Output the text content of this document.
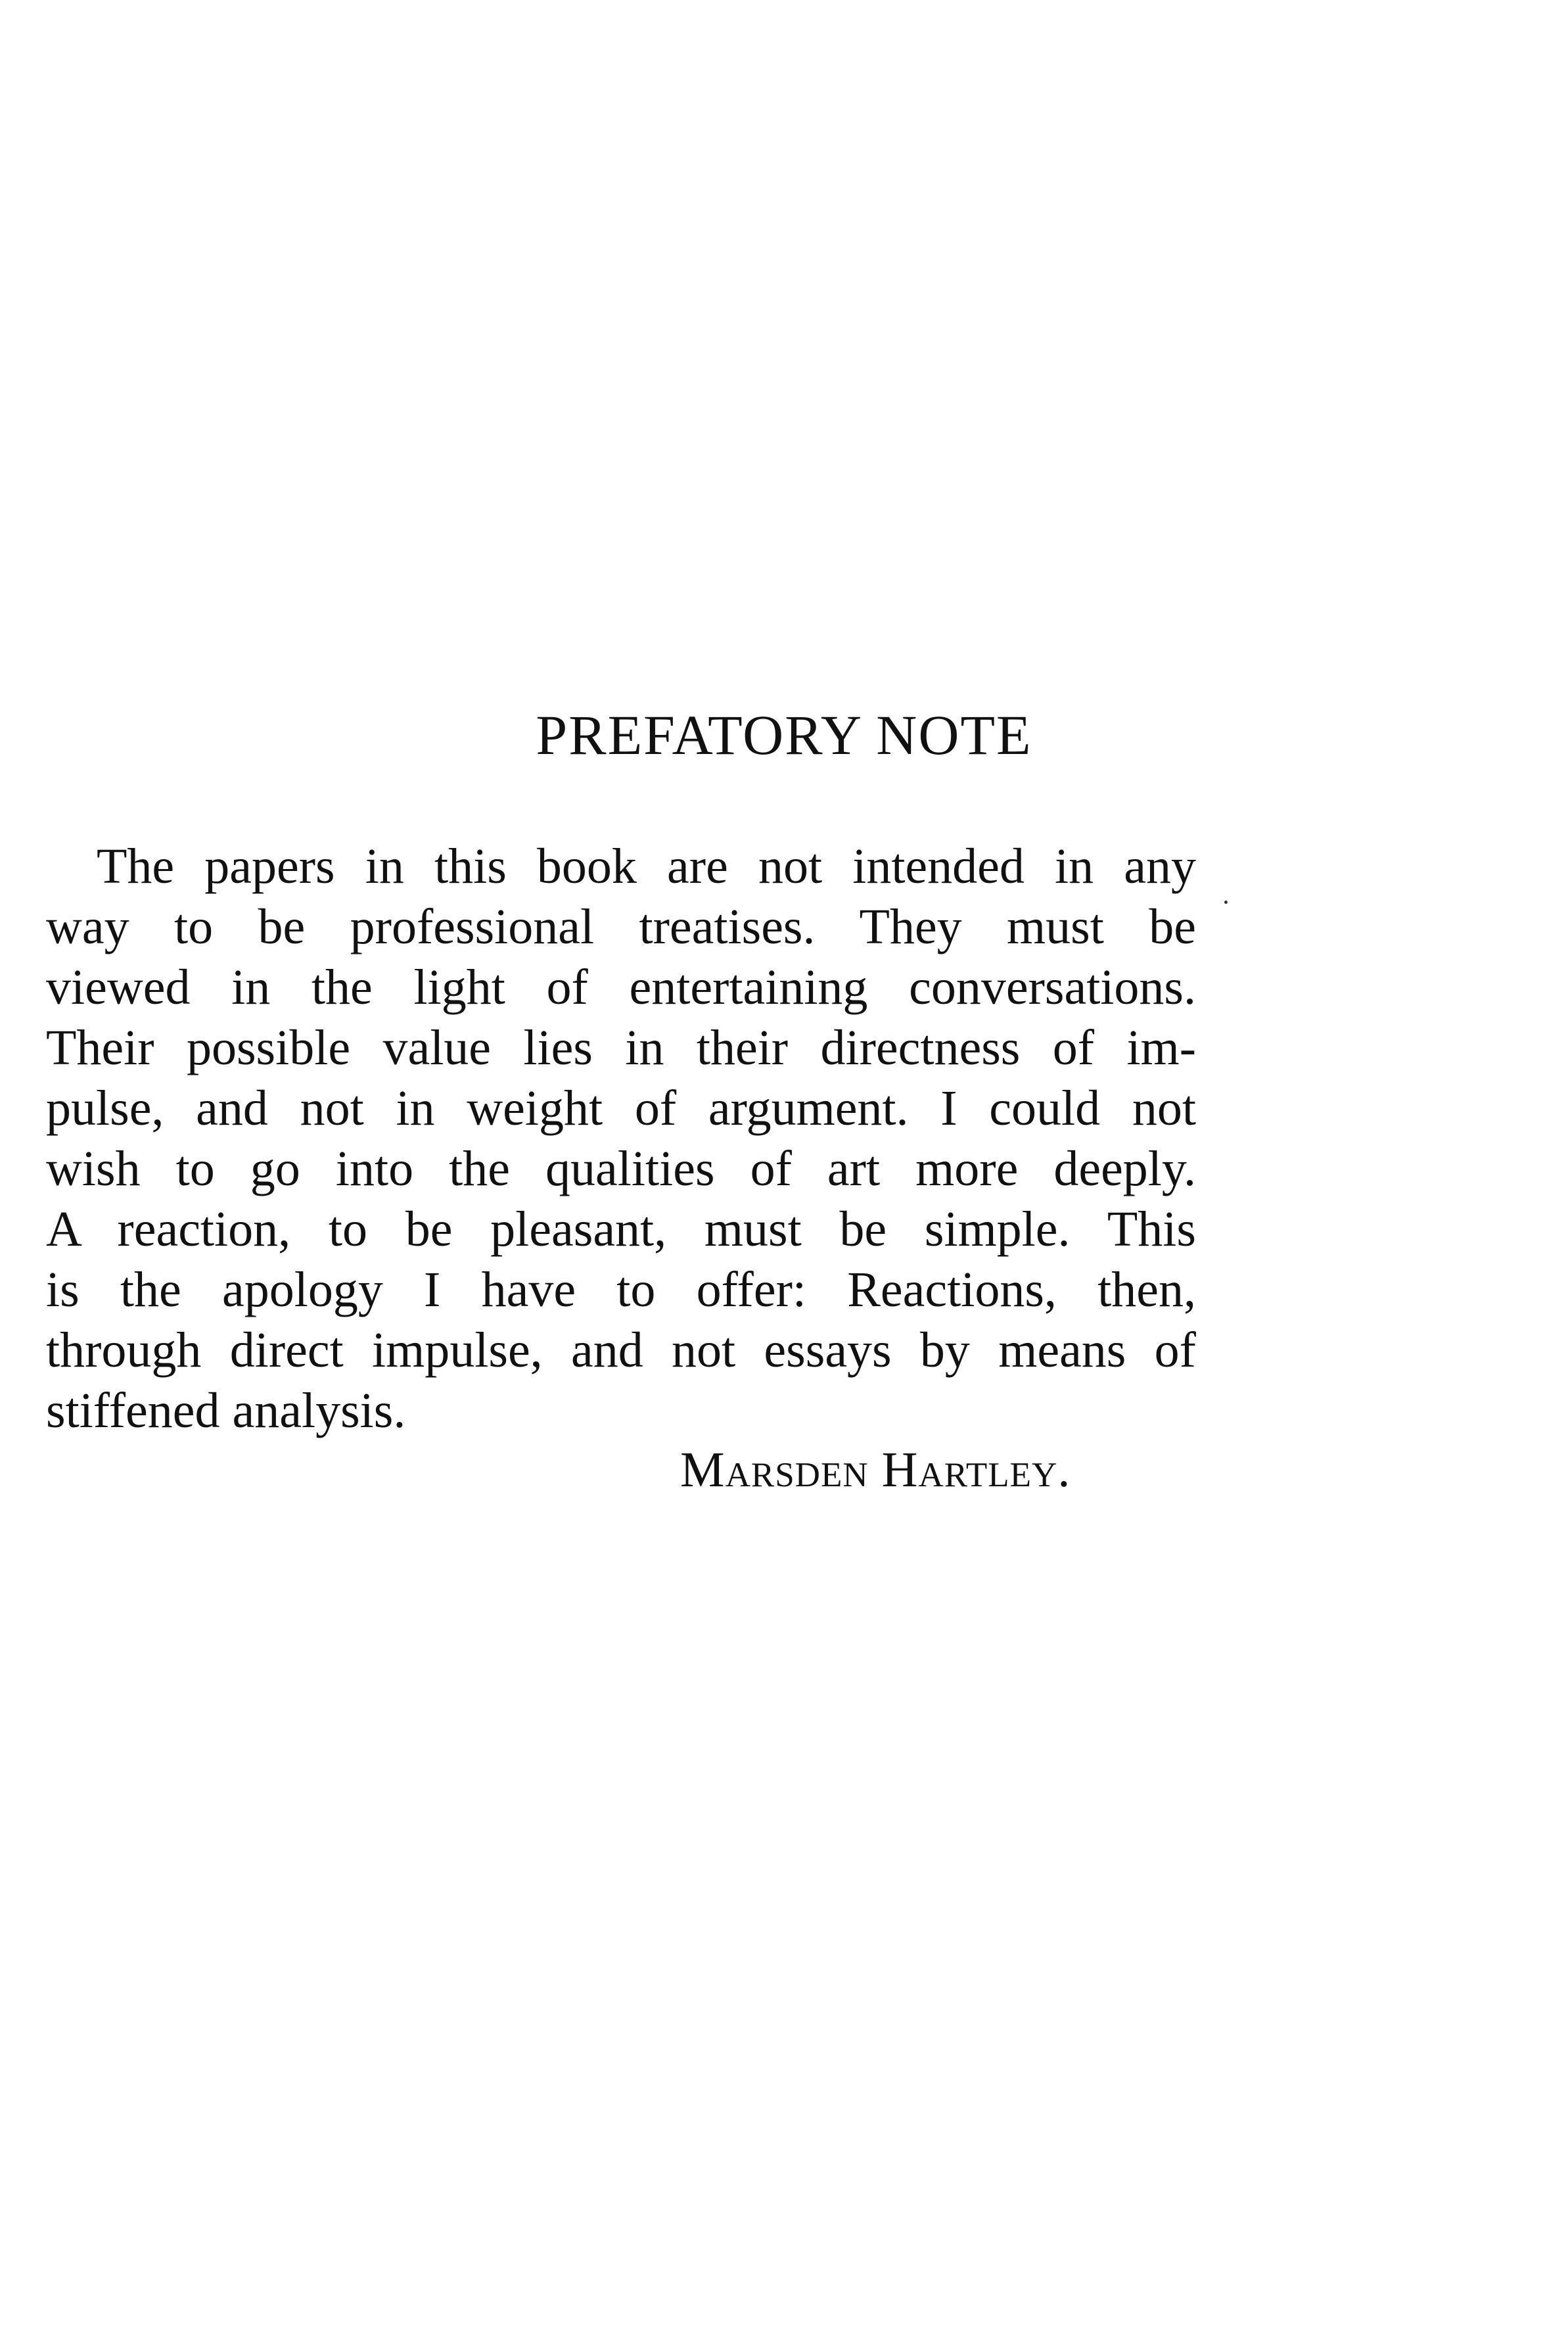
PREFATORY NOTE
The papers in this book are not intended in any
way to be professional treatises. They must be
viewed in the light of entertaining conversations.
Their possible value lies in their directness of im-
pulse, and not in weight of argument. I could not
wish to go into the qualities of art more deeply.
A reaction, to be pleasant, must be simple. This
is the apology I have to offer: Reactions, then,
through direct impulse, and not essays by means of
stiffened analysis.
Marsden Hartley.
